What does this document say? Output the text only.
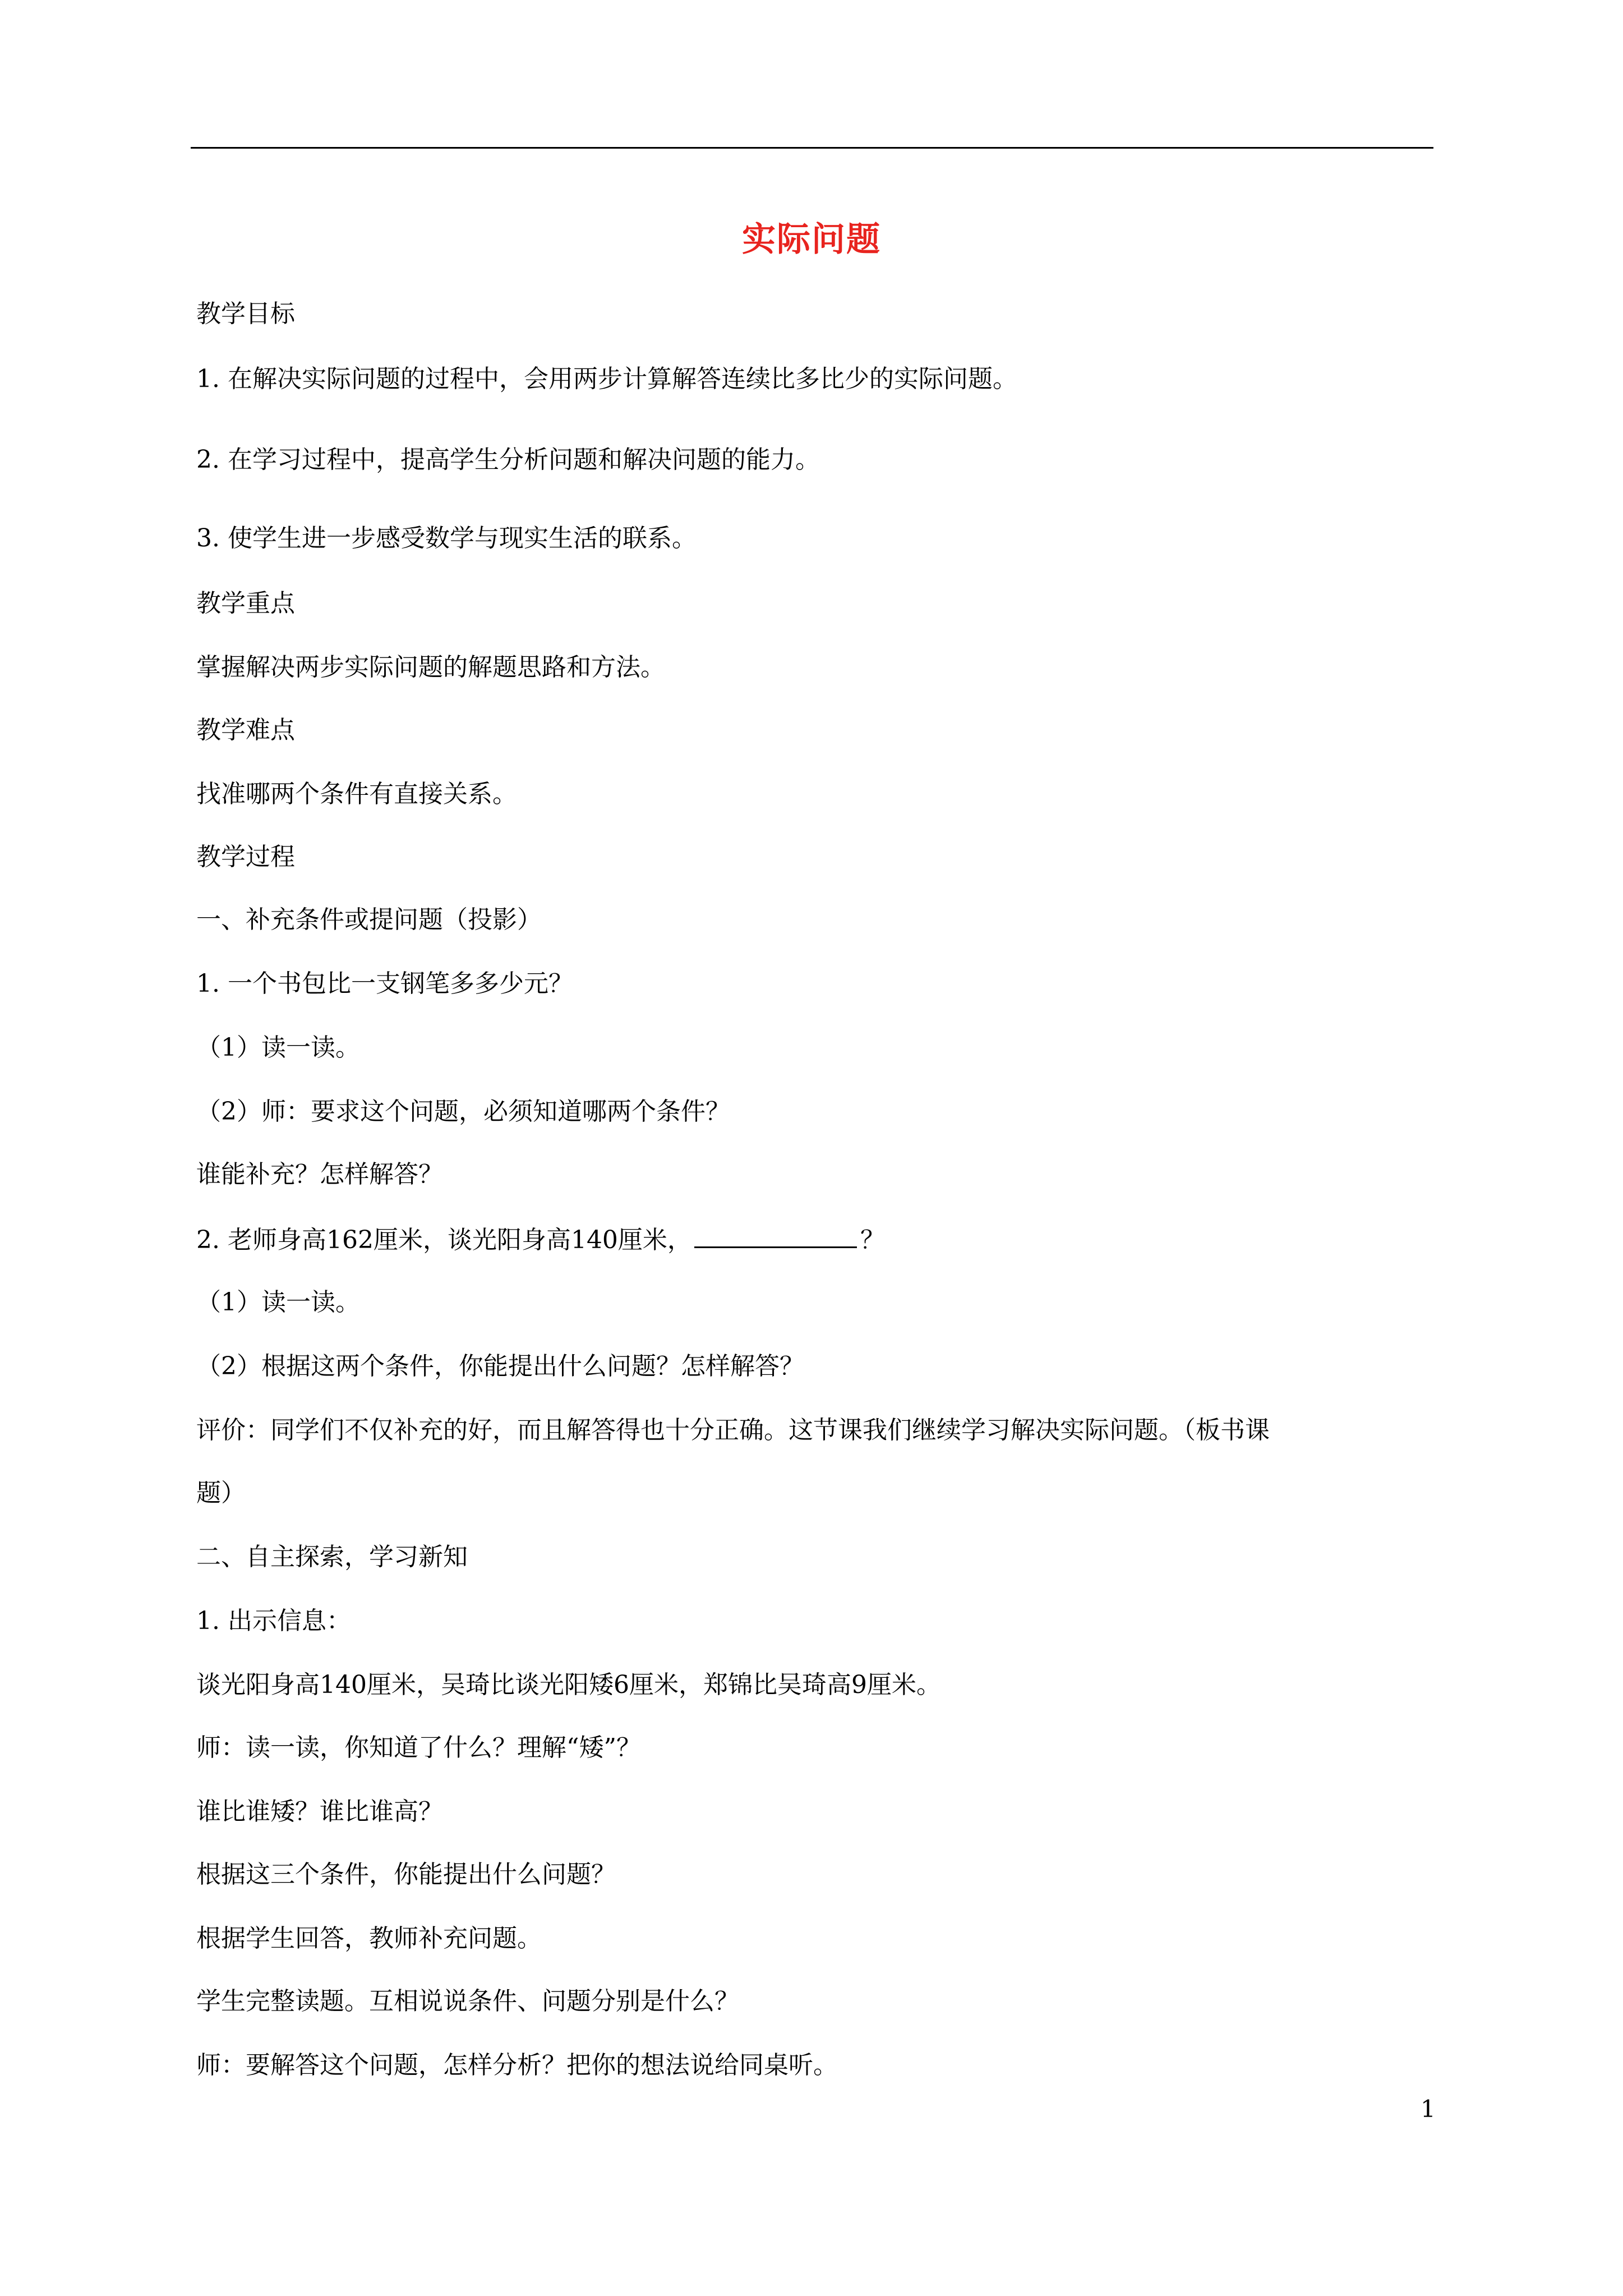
实际问题
教学目标
1. 在解决实际问题的过程中，会用两步计算解答连续比多比少的实际问题。
2. 在学习过程中，提高学生分析问题和解决问题的能力。
3. 使学生进一步感受数学与现实生活的联系。
教学重点
掌握解决两步实际问题的解题思路和方法。
教学难点
找准哪两个条件有直接关系。
教学过程
一、补充条件或提问题（投影）
1. 一个书包比一支钢笔多多少元？
（1）读一读。
（2）师：要求这个问题，必须知道哪两个条件？
谁能补充？怎样解答？
2. 老师身高162厘米，谈光阳身高140厘米，	？
（1）读一读。
（2）根据这两个条件，你能提出什么问题？怎样解答？
评价：同学们不仅补充的好，而且解答得也十分正确。这节课我们继续学习解决实际问题。（板书课
题）
二、自主探索，学习新知
1. 出示信息：
谈光阳身高140厘米，吴琦比谈光阳矮6厘米，郑锦比吴琦高9厘米。
师：读一读，你知道了什么？理解“矮”？
谁比谁矮？谁比谁高？
根据这三个条件，你能提出什么问题？
根据学生回答，教师补充问题。
学生完整读题。互相说说条件、问题分别是什么？
师：要解答这个问题，怎样分析？把你的想法说给同桌听。
1
